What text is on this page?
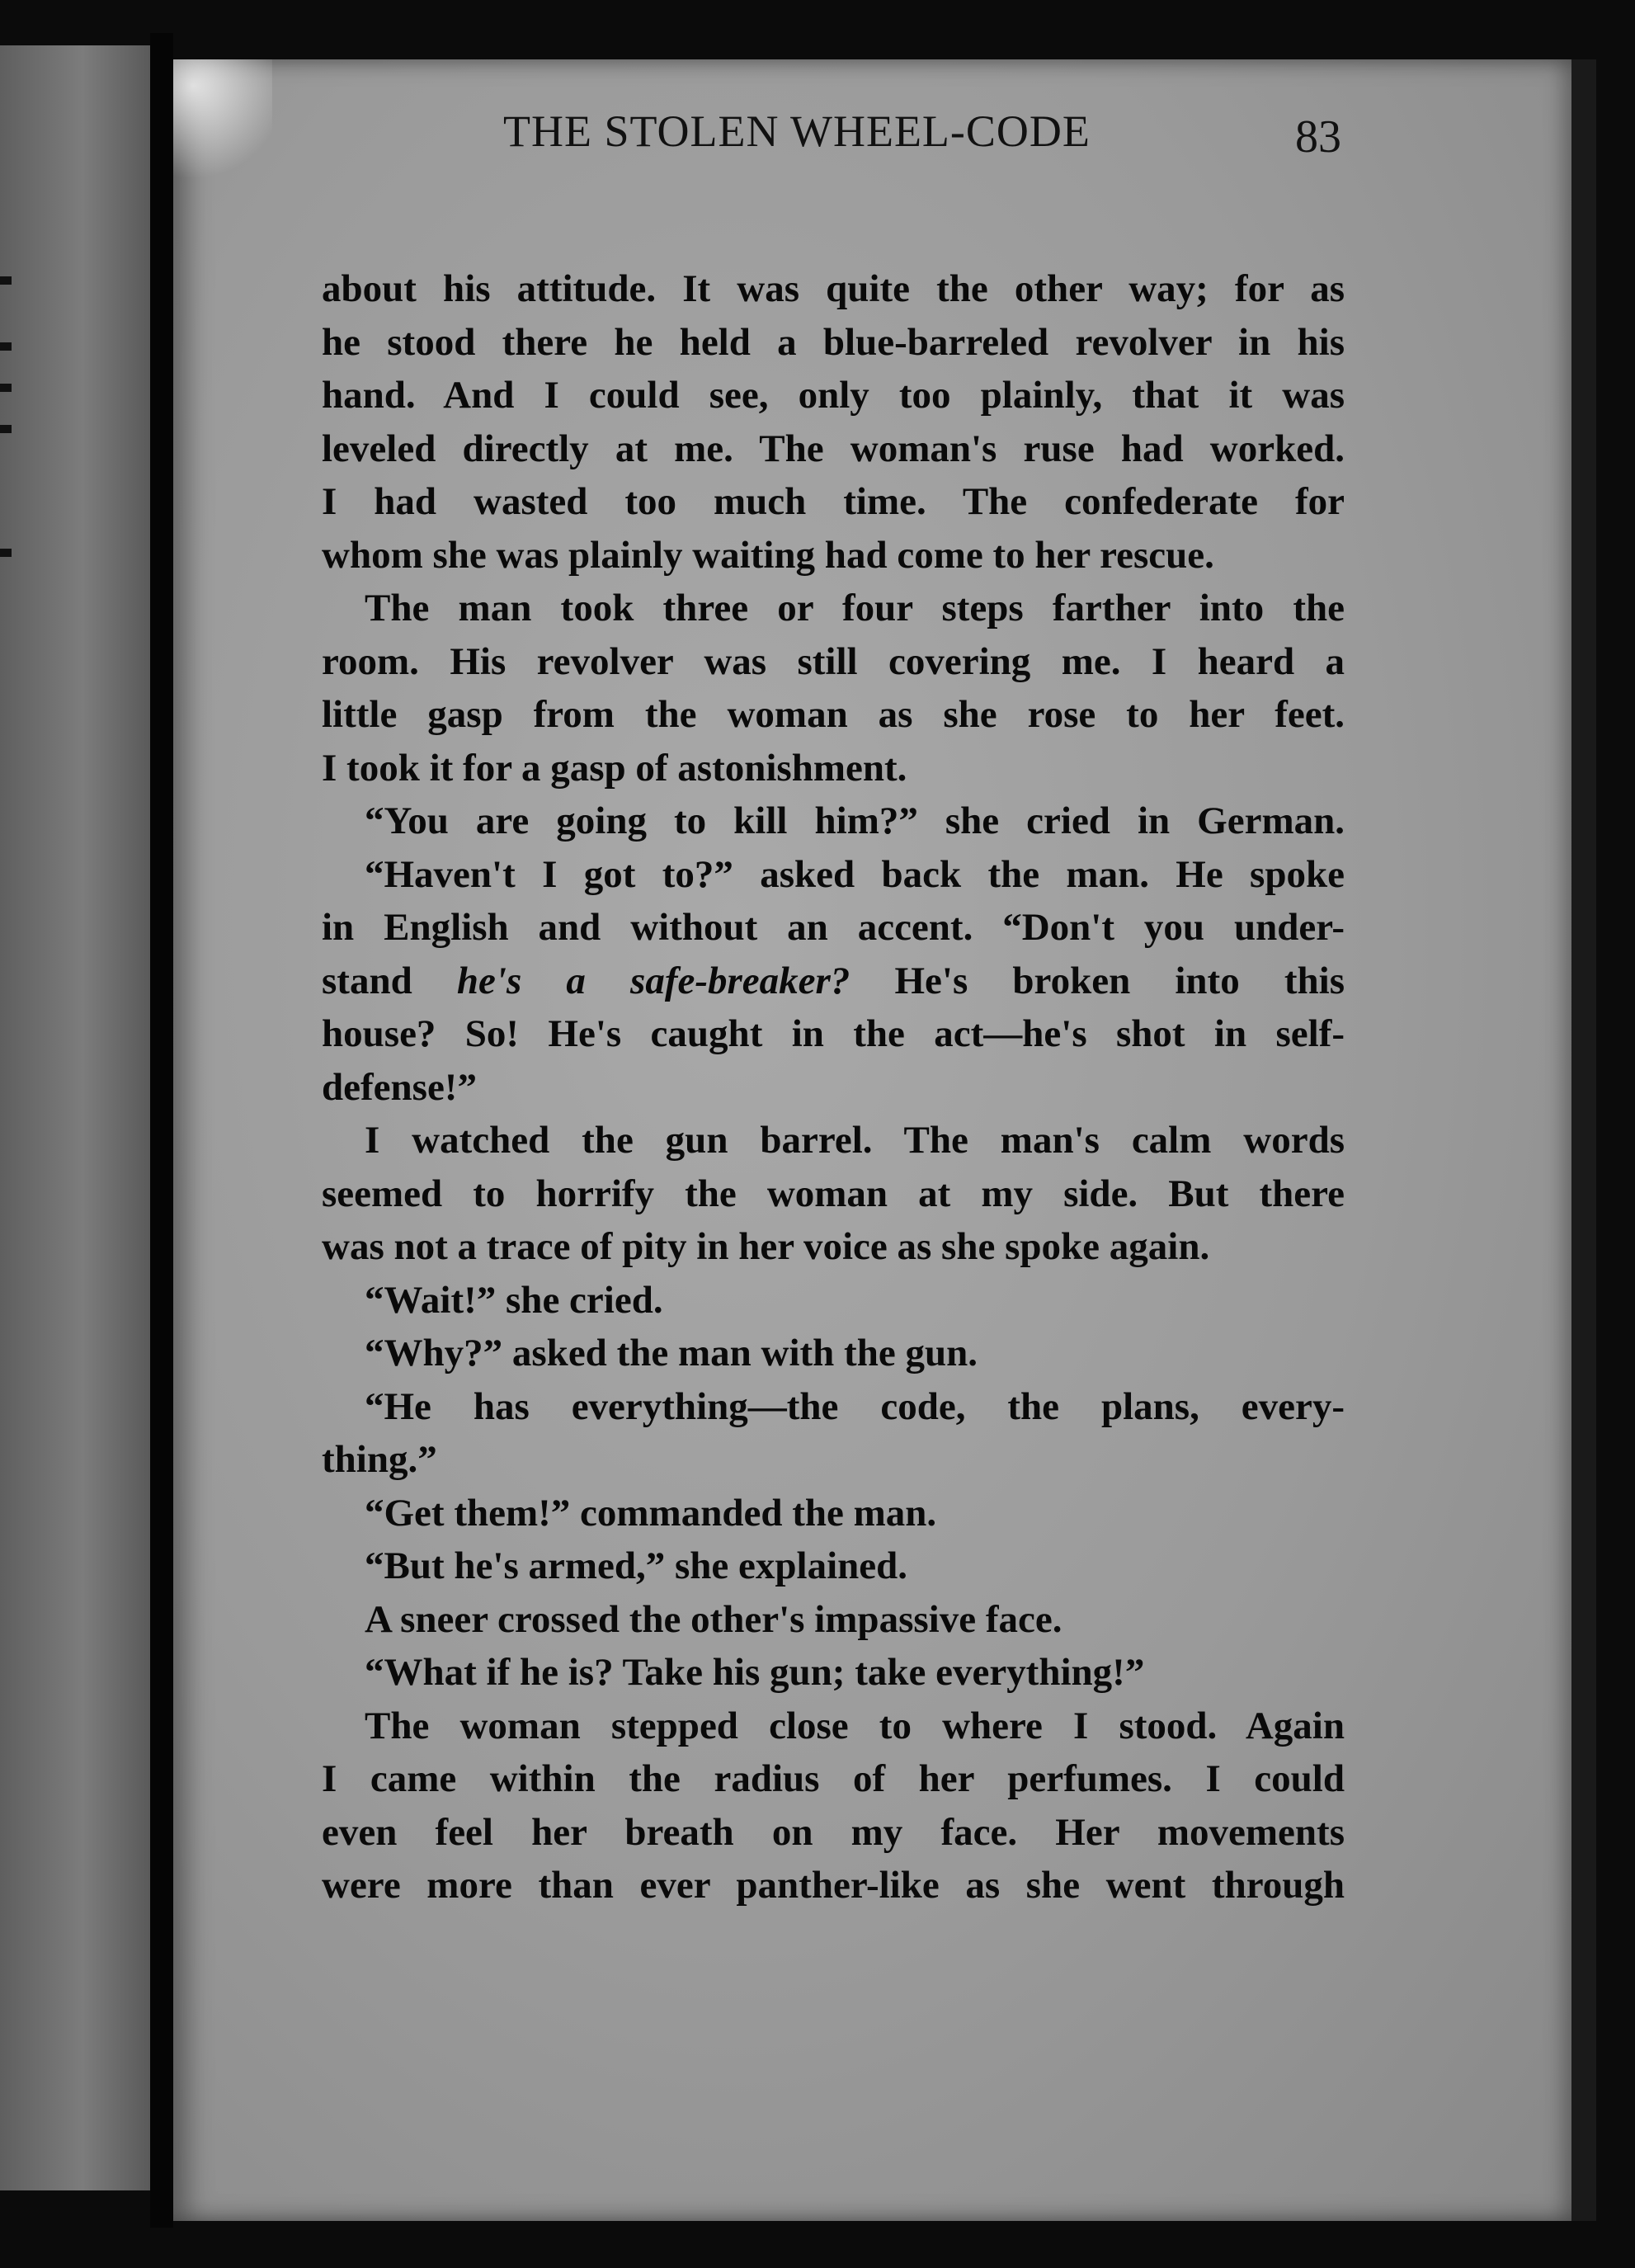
THE STOLEN WHEEL-CODE	83
about his attitude. It was quite the other way; for as
he stood there he held a blue-barreled revolver in his
hand. And I could see, only too plainly, that it was
leveled directly at me. The woman's ruse had worked.
I had wasted too much time. The confederate for
whom she was plainly waiting had come to her rescue.
The man took three or four steps farther into the
room. His revolver was still covering me. I heard a
little gasp from the woman as she rose to her feet.
I took it for a gasp of astonishment.
“You are going to kill him?” she cried in German.
“Haven't I got to?” asked back the man. He spoke
in English and without an accent. “Don't you under-
stand he's a safe-breaker? He's broken into this
house? So! He's caught in the act—he's shot in self-
defense!”
I watched the gun barrel. The man's calm words
seemed to horrify the woman at my side. But there
was not a trace of pity in her voice as she spoke again.
“Wait!” she cried.
“Why?” asked the man with the gun.
“He has everything—the code, the plans, every-
thing.”
“Get them!” commanded the man.
“But he's armed,” she explained.
A sneer crossed the other's impassive face.
“What if he is? Take his gun; take everything!”
The woman stepped close to where I stood. Again
I came within the radius of her perfumes. I could
even feel her breath on my face. Her movements
were more than ever panther-like as she went through
